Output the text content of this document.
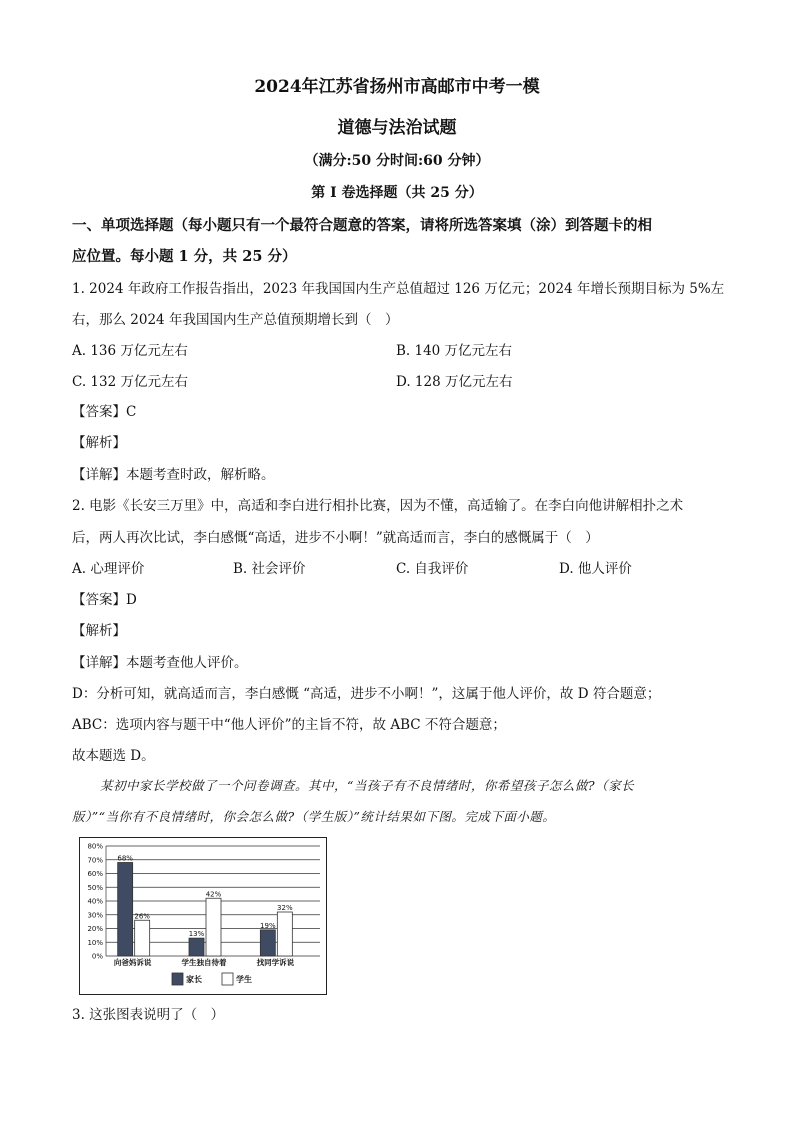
2024年江苏省扬州市高邮市中考一模
道德与法治试题
（满分:50 分时间:60 分钟）
第 I 卷选择题（共 25 分）
一、单项选择题（每小题只有一个最符合题意的答案，请将所选答案填（涂）到答题卡的相
应位置。每小题 1 分，共 25 分）
1. 2024 年政府工作报告指出，2023 年我国国内生产总值超过 126 万亿元；2024 年增长预期目标为 5%左
右，那么 2024 年我国国内生产总值预期增长到（　）
A. 136 万亿元左右	B. 140 万亿元左右
C. 132 万亿元左右	D. 128 万亿元左右
【答案】C
【解析】
【详解】本题考查时政，解析略。
2. 电影《长安三万里》中，高适和李白进行相扑比赛，因为不懂，高适输了。在李白向他讲解相扑之术
后，两人再次比试，李白感慨“高适，进步不小啊！”就高适而言，李白的感慨属于（　）
A. 心理评价	B. 社会评价	C. 自我评价	D. 他人评价
【答案】D
【解析】
【详解】本题考查他人评价。
D：分析可知，就高适而言，李白感慨 “高适，进步不小啊！”，这属于他人评价，故 D 符合题意；
ABC：选项内容与题干中“他人评价”的主旨不符，故 ABC 不符合题意；
故本题选 D。
某初中家长学校做了一个问卷调查。其中，“当孩子有不良情绪时，你希望孩子怎么做?（家长
版）”“当你有不良情绪时，你会怎么做?（学生版）”统计结果如下图。完成下面小题。
0%
10%
20%
30%
40%
50%
60%
70%
80%
68%
26%
向爸妈诉说
13%
42%
学生独自待着
19%
32%
找同学诉说
家长	学生
3. 这张图表说明了（　）
